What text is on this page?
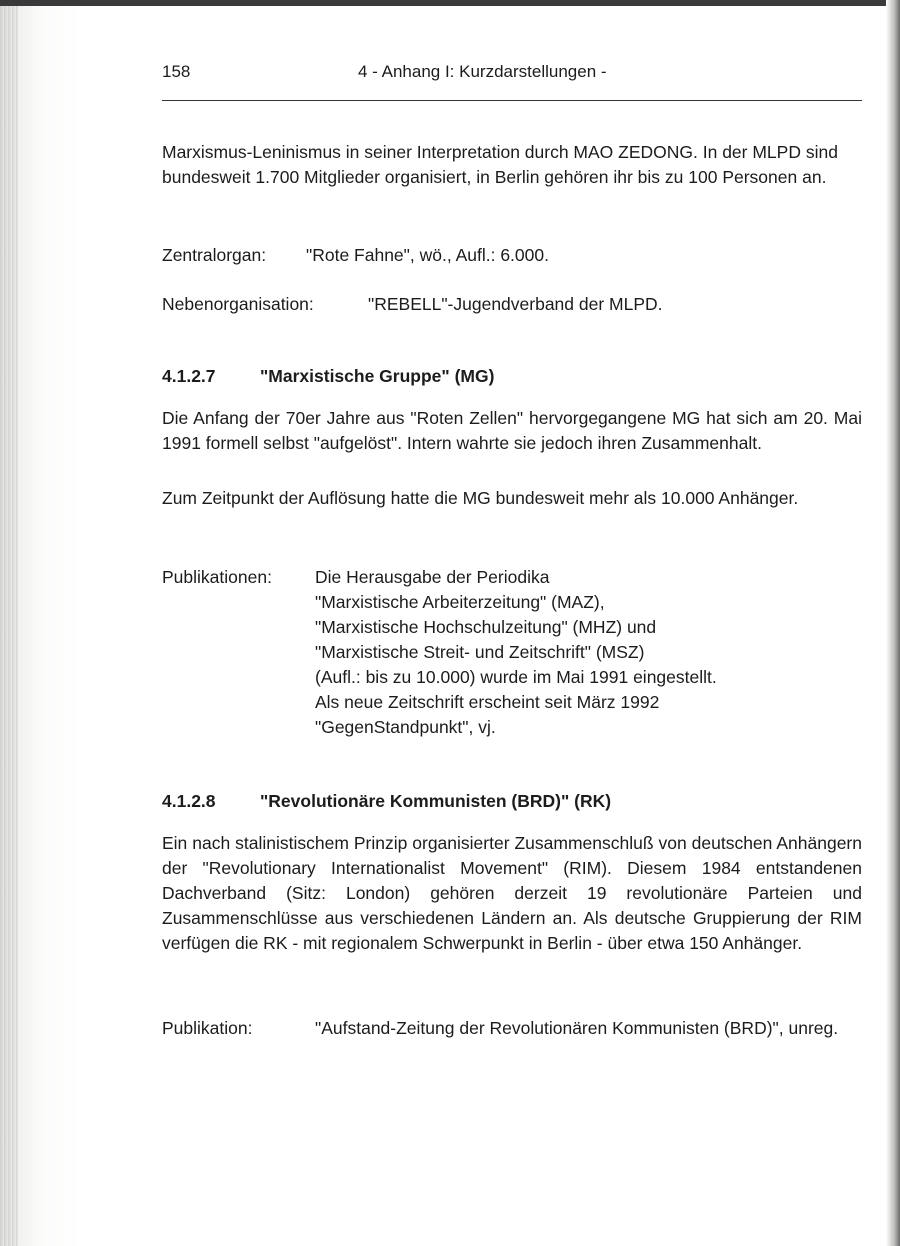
158	4 - Anhang I: Kurzdarstellungen -

Marxismus-Leninismus in seiner Interpretation durch MAO ZEDONG. In der MLPD sind bundesweit 1.700 Mitglieder organisiert, in Berlin gehören ihr bis zu 100 Personen an.

Zentralorgan: "Rote Fahne", wö., Aufl.: 6.000.
Nebenorganisation:	"REBELL"-Jugendverband der MLPD.
4.1.2.7	"Marxistische Gruppe" (MG)

Die Anfang der 70er Jahre aus "Roten Zellen" hervorgegangene MG hat sich am 20. Mai 1991 formell selbst "aufgelöst". Intern wahrte sie jedoch ihren Zusammenhalt.

Zum Zeitpunkt der Auflösung hatte die MG bundesweit mehr als 10.000 Anhänger.

Publikationen: Die Herausgabe der Periodika
"Marxistische Arbeiterzeitung" (MAZ),
"Marxistische Hochschulzeitung" (MHZ) und
"Marxistische Streit- und Zeitschrift" (MSZ)
(Aufl.: bis zu 10.000) wurde im Mai 1991 eingestellt.
Als neue Zeitschrift erscheint seit März 1992
"GegenStandpunkt", vj.
4.1.2.8	"Revolutionäre Kommunisten (BRD)" (RK)

Ein nach stalinistischem Prinzip organisierter Zusammenschluß von deutschen Anhängern der "Revolutionary Internationalist Movement" (RIM). Diesem 1984 entstandenen Dachverband (Sitz: London) gehören derzeit 19 revolutionäre Parteien und Zusammenschlüsse aus verschiedenen Ländern an. Als deutsche Gruppierung der RIM verfügen die RK - mit regionalem Schwerpunkt in Berlin - über etwa 150 Anhänger.

Publikation:	"Aufstand-Zeitung der Revolutionären Kommunisten (BRD)", unreg.
